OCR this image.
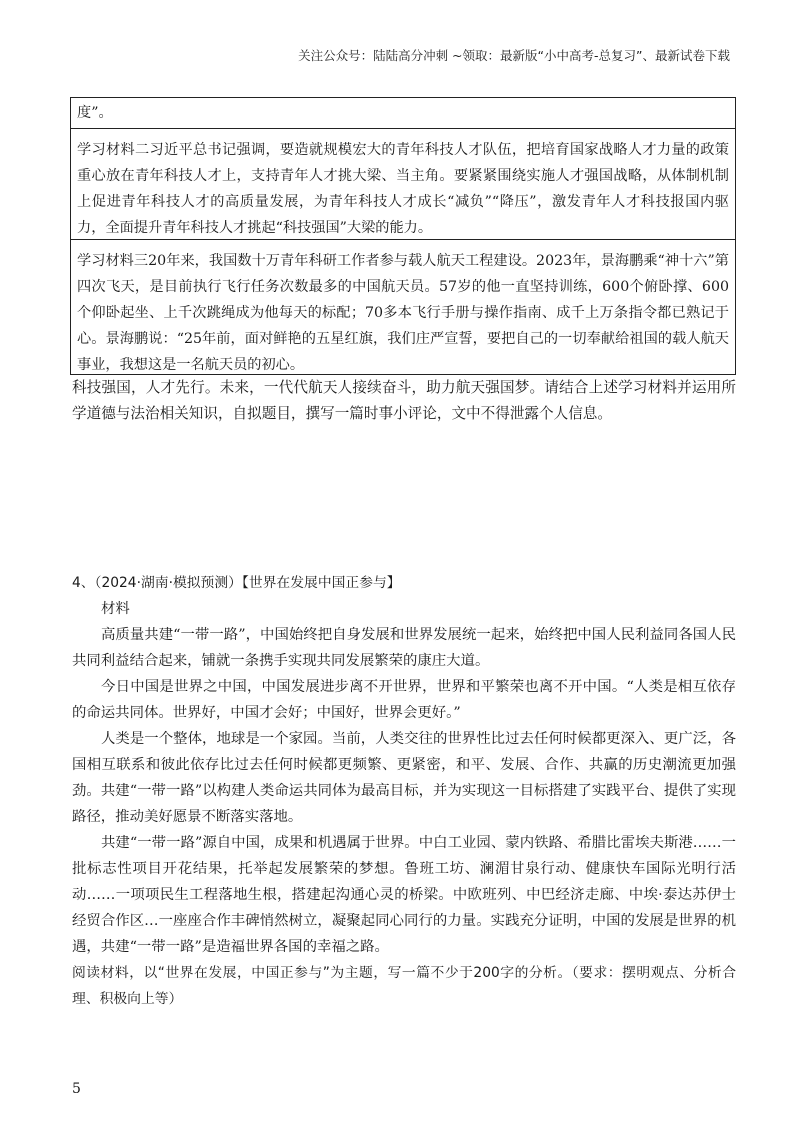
关注公众号：陆陆高分冲刺 ~领取：最新版“小中高考-总复习”、最新试卷下载

度”。

学习材料二习近平总书记强调，要造就规模宏大的青年科技人才队伍，把培育国家战略人才力量的政策重心放在青年科技人才上，支持青年人才挑大梁、当主角。要紧紧围绕实施人才强国战略，从体制机制上促进青年科技人才的高质量发展，为青年科技人才成长“减负”“降压”，激发青年人才科技报国内驱力，全面提升青年科技人才挑起“科技强国”大梁的能力。

学习材料三20年来，我国数十万青年科研工作者参与载人航天工程建设。2023年，景海鹏乘“神十六”第四次飞天，是目前执行飞行任务次数最多的中国航天员。57岁的他一直坚持训练，600个俯卧撑、600个仰卧起坐、上千次跳绳成为他每天的标配；70多本飞行手册与操作指南、成千上万条指令都已熟记于心。景海鹏说：“25年前，面对鲜艳的五星红旗，我们庄严宣誓，要把自己的一切奉献给祖国的载人航天事业，我想这是一名航天员的初心。

科技强国，人才先行。未来，一代代航天人接续奋斗，助力航天强国梦。请结合上述学习材料并运用所学道德与法治相关知识，自拟题目，撰写一篇时事小评论，文中不得泄露个人信息。

4、（2024·湖南·模拟预测）【世界在发展中国正参与】

材料

高质量共建“一带一路”，中国始终把自身发展和世界发展统一起来，始终把中国人民利益同各国人民共同利益结合起来，铺就一条携手实现共同发展繁荣的康庄大道。

今日中国是世界之中国，中国发展进步离不开世界，世界和平繁荣也离不开中国。“人类是相互依存的命运共同体。世界好，中国才会好；中国好，世界会更好。”

人类是一个整体，地球是一个家园。当前，人类交往的世界性比过去任何时候都更深入、更广泛，各国相互联系和彼此依存比过去任何时候都更频繁、更紧密，和平、发展、合作、共赢的历史潮流更加强劲。共建“一带一路”以构建人类命运共同体为最高目标，并为实现这一目标搭建了实践平台、提供了实现路径，推动美好愿景不断落实落地。

共建“一带一路”源自中国，成果和机遇属于世界。中白工业园、蒙内铁路、希腊比雷埃夫斯港……一批标志性项目开花结果，托举起发展繁荣的梦想。鲁班工坊、澜湄甘泉行动、健康快车国际光明行活动……一项项民生工程落地生根，搭建起沟通心灵的桥梁。中欧班列、中巴经济走廊、中埃·泰达苏伊士经贸合作区…一座座合作丰碑悄然树立，凝聚起同心同行的力量。实践充分证明，中国的发展是世界的机遇，共建“一带一路”是造福世界各国的幸福之路。

阅读材料，以“世界在发展，中国正参与”为主题，写一篇不少于200字的分析。（要求：摆明观点、分析合理、积极向上等）

5
